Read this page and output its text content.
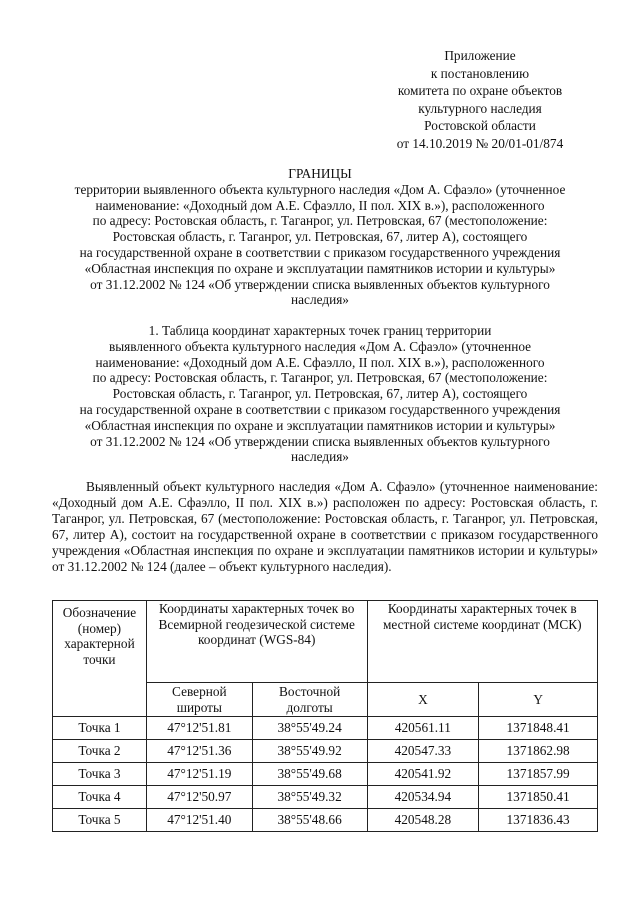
Приложение
к постановлению
комитета по охране объектов
культурного наследия
Ростовской области
от 14.10.2019 № 20/01-01/874
ГРАНИЦЫ
территории выявленного объекта культурного наследия «Дом А. Сфаэло» (уточненное
наименование: «Доходный дом А.Е. Сфаэлло, II пол. XIX в.»), расположенного
по адресу: Ростовская область, г. Таганрог, ул. Петровская, 67 (местоположение:
Ростовская область, г. Таганрог, ул. Петровская, 67, литер А), состоящего
на государственной охране в соответствии с приказом государственного учреждения
«Областная инспекция по охране и эксплуатации памятников истории и культуры»
от 31.12.2002 № 124 «Об утверждении списка выявленных объектов культурного
наследия»
1. Таблица координат характерных точек границ территории
выявленного объекта культурного наследия «Дом А. Сфаэло» (уточненное
наименование: «Доходный дом А.Е. Сфаэлло, II пол. XIX в.»), расположенного
по адресу: Ростовская область, г. Таганрог, ул. Петровская, 67 (местоположение:
Ростовская область, г. Таганрог, ул. Петровская, 67, литер А), состоящего
на государственной охране в соответствии с приказом государственного учреждения
«Областная инспекция по охране и эксплуатации памятников истории и культуры»
от 31.12.2002 № 124 «Об утверждении списка выявленных объектов культурного
наследия»

Выявленный объект культурного наследия «Дом А. Сфаэло» (уточненное наименование: «Доходный дом А.Е. Сфаэлло, II пол. XIX в.») расположен по адресу: Ростовская область, г. Таганрог, ул. Петровская, 67 (местоположение: Ростовская область, г. Таганрог, ул. Петровская, 67, литер А), состоит на государственной охране в соответствии с приказом государственного учреждения «Областная инспекция по охране и эксплуатации памятников истории и культуры» от 31.12.2002 № 124 (далее – объект культурного наследия).

Обозначение (номер) характерной точки	Координаты характерных точек во Всемирной геодезической системе координат (WGS-84)		Координаты характерных точек в местной системе координат (МСК)	
	Северной широты	Восточной долготы	X	Y
Точка 1	47°12'51.81	38°55'49.24	420561.11	1371848.41
Точка 2	47°12'51.36	38°55'49.92	420547.33	1371862.98
Точка 3	47°12'51.19	38°55'49.68	420541.92	1371857.99
Точка 4	47°12'50.97	38°55'49.32	420534.94	1371850.41
Точка 5	47°12'51.40	38°55'48.66	420548.28	1371836.43
